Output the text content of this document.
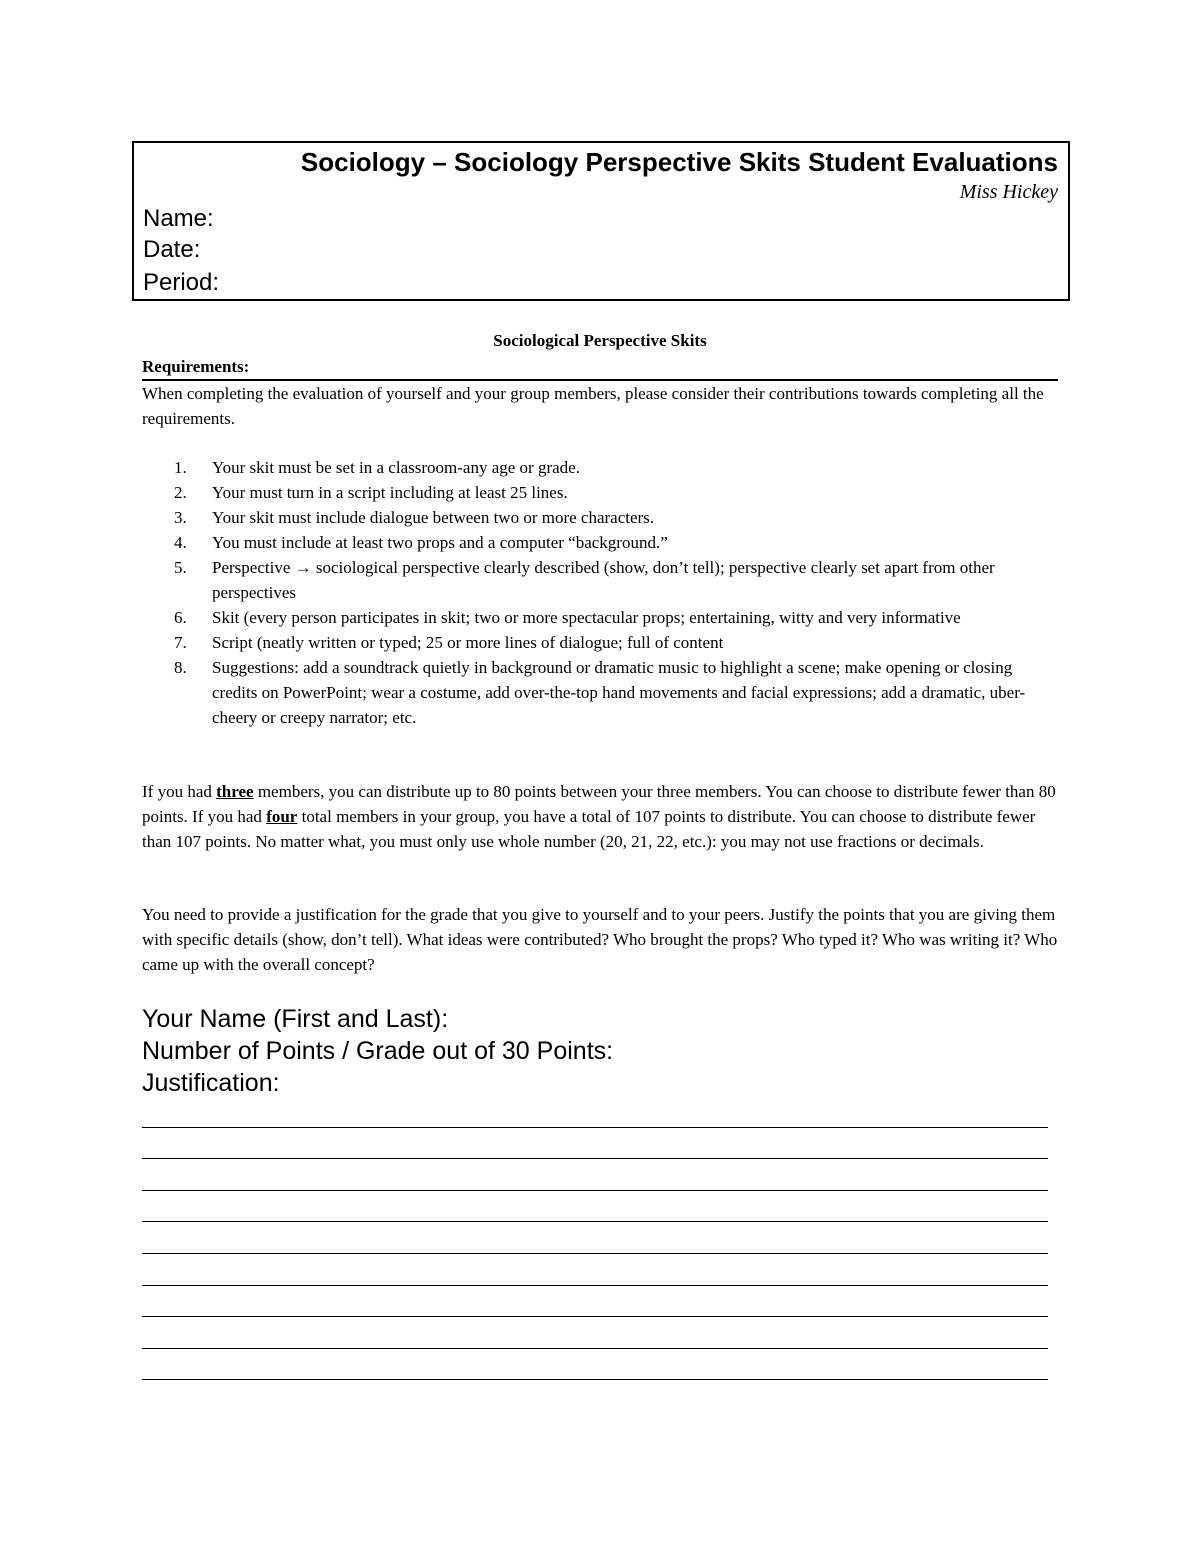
Sociology – Sociology Perspective Skits Student Evaluations
Miss Hickey
Name:
Date:
Period:
Sociological Perspective Skits
Requirements:
When completing the evaluation of yourself and your group members, please consider their contributions towards completing all the requirements.
1. Your skit must be set in a classroom-any age or grade.
2. Your must turn in a script including at least 25 lines.
3. Your skit must include dialogue between two or more characters.
4. You must include at least two props and a computer “background.”
5. Perspective → sociological perspective clearly described (show, don’t tell); perspective clearly set apart from other perspectives
6. Skit (every person participates in skit; two or more spectacular props; entertaining, witty and very informative
7. Script (neatly written or typed; 25 or more lines of dialogue; full of content
8. Suggestions: add a soundtrack quietly in background or dramatic music to highlight a scene; make opening or closing credits on PowerPoint; wear a costume, add over-the-top hand movements and facial expressions; add a dramatic, uber-cheery or creepy narrator; etc.
If you had three members, you can distribute up to 80 points between your three members. You can choose to distribute fewer than 80 points. If you had four total members in your group, you have a total of 107 points to distribute. You can choose to distribute fewer than 107 points. No matter what, you must only use whole number (20, 21, 22, etc.): you may not use fractions or decimals.
You need to provide a justification for the grade that you give to yourself and to your peers. Justify the points that you are giving them with specific details (show, don’t tell). What ideas were contributed? Who brought the props? Who typed it? Who was writing it? Who came up with the overall concept?
Your Name (First and Last):
Number of Points / Grade out of 30 Points:
Justification:
